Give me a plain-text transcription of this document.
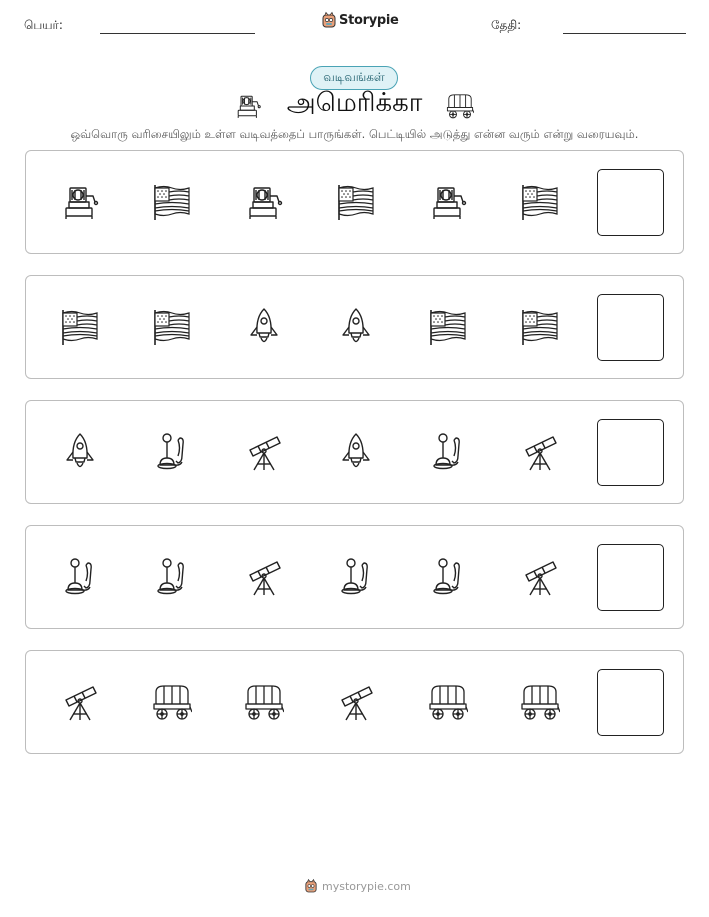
பெயர்:	Storypie	தேதி:
வடிவங்கள்
அமெரிக்கா
ஒவ்வொரு வரிசையிலும் உள்ள வடிவத்தைப் பாருங்கள். பெட்டியில் அடுத்து என்ன வரும் என்று வரையவும்.
mystorypie.com
